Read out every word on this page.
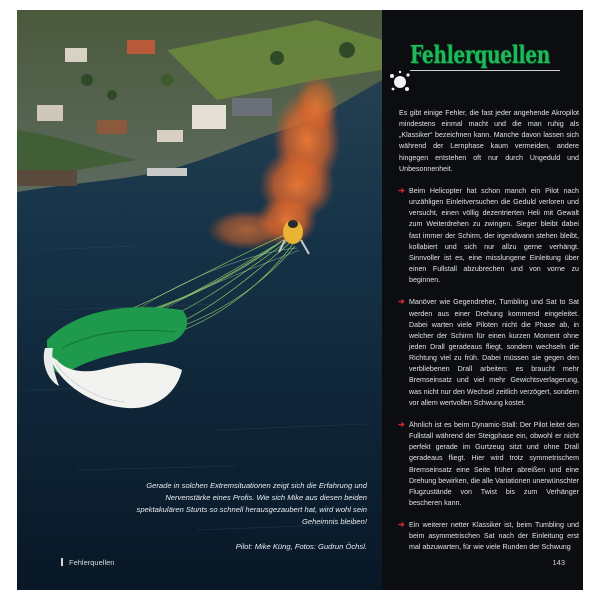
Gerade in solchen Extremsituationen zeigt sich die Erfahrung und Nervenstärke eines Profis. Wie sich Mike aus diesen beiden spektakulären Stunts so schnell herausgezaubert hat, wird wohl sein Geheimnis bleiben!
Pilot: Mike Küng, Fotos: Gudrun Öchsl.
Fehlerquellen
Fehlerquellen

Es gibt einige Fehler, die fast jeder angehende Akropilot mindestens einmal macht und die man ruhig als „Klassiker“ bezeichnen kann. Manche davon lassen sich während der Lernphase kaum vermeiden, andere hingegen entstehen oft nur durch Ungeduld und Unbesonnenheit.

➔ Beim Helicopter hat schon manch ein Pilot nach unzähligen Einleitversuchen die Geduld verloren und versucht, einen völlig dezentrierten Heli mit Gewalt zum Weiterdrehen zu zwingen. Sieger bleibt dabei fast immer der Schirm, der irgendwann stehen bleibt, kollabiert und sich nur allzu gerne verhängt. Sinnvoller ist es, eine misslungene Einleitung über einen Fullstall abzubrechen und von vorne zu beginnen.
➔ Manöver wie Gegendreher, Tumbling und Sat to Sat werden aus einer Drehung kommend eingeleitet. Dabei warten viele Piloten nicht die Phase ab, in welcher der Schirm für einen kurzen Moment ohne jeden Drall geradeaus fliegt, sondern wechseln die Richtung viel zu früh. Dabei müssen sie gegen den verbliebenen Drall arbeiten: es braucht mehr Bremseinsatz und viel mehr Gewichtsverlagerung, was nicht nur den Wechsel zeitlich verzögert, sondern vor allem wertvollen Schwung kostet.
➔ Ähnlich ist es beim Dynamic-Stall: Der Pilot leitet den Fullstall während der Steigphase ein, obwohl er nicht perfekt gerade im Gurtzeug sitzt und ohne Drall geradeaus fliegt. Hier wird trotz symmetrischem Bremseinsatz eine Seite früher abreißen und eine Drehung bewirken, die alle Variationen unerwünschter Flugzustände von Twist bis zum Verhänger bescheren kann.
➔ Ein weiterer netter Klassiker ist, beim Tumbling und beim asymmetrischen Sat nach der Einleitung erst mal abzuwarten, für wie viele Runden der Schwung
143
